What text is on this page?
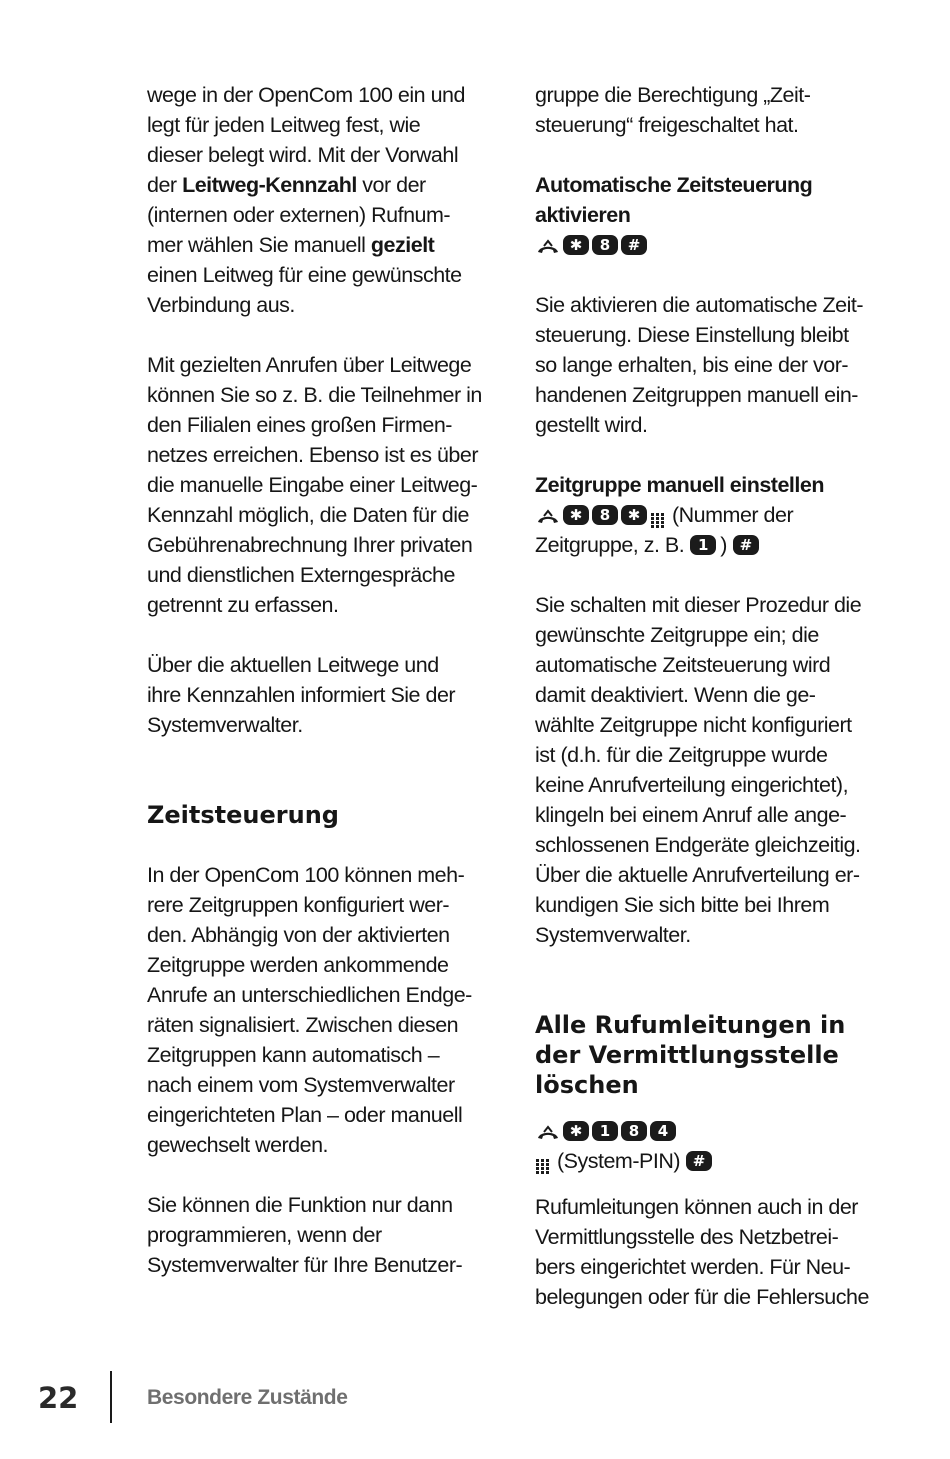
wege in der OpenCom 100 ein und
legt für jeden Leitweg fest, wie
dieser belegt wird. Mit der Vorwahl
der Leitweg-Kennzahl vor der
(internen oder externen) Rufnum-
mer wählen Sie manuell gezielt
einen Leitweg für eine gewünschte
Verbindung aus.
Mit gezielten Anrufen über Leitwege
können Sie so z. B. die Teilnehmer in
den Filialen eines großen Firmen-
netzes erreichen. Ebenso ist es über
die manuelle Eingabe einer Leitweg-
Kennzahl möglich, die Daten für die
Gebührenabrechnung Ihrer privaten
und dienstlichen Externgespräche
getrennt zu erfassen.
Über die aktuellen Leitwege und
ihre Kennzahlen informiert Sie der
Systemverwalter.
Zeitsteuerung
In der OpenCom 100 können meh-
rere Zeitgruppen konfiguriert wer-
den. Abhängig von der aktivierten
Zeitgruppe werden ankommende
Anrufe an unterschiedlichen Endge-
räten signalisiert. Zwischen diesen
Zeitgruppen kann automatisch –
nach einem vom Systemverwalter
eingerichteten Plan – oder manuell
gewechselt werden.
Sie können die Funktion nur dann
programmieren, wenn der
Systemverwalter für Ihre Benutzer-
gruppe die Berechtigung „Zeit-
steuerung“ freigeschaltet hat.
Automatische Zeitsteuerung
aktivieren
✱	8	#
Sie aktivieren die automatische Zeit-
steuerung. Diese Einstellung bleibt
so lange erhalten, bis eine der vor-
handenen Zeitgruppen manuell ein-
gestellt wird.
Zeitgruppe manuell einstellen
✱	8	✱	(Nummer der
Zeitgruppe, z. B. 1 ) #
Sie schalten mit dieser Prozedur die
gewünschte Zeitgruppe ein; die
automatische Zeitsteuerung wird
damit deaktiviert. Wenn die ge-
wählte Zeitgruppe nicht konfiguriert
ist (d.h. für die Zeitgruppe wurde
keine Anrufverteilung eingerichtet),
klingeln bei einem Anruf alle ange-
schlossenen Endgeräte gleichzeitig.
Über die aktuelle Anrufverteilung er-
kundigen Sie sich bitte bei Ihrem
Systemverwalter.
Alle Rufumleitungen in
der Vermittlungsstelle
löschen
✱	1	8	4
(System-PIN) #
Rufumleitungen können auch in der
Vermittlungsstelle des Netzbetrei-
bers eingerichtet werden. Für Neu-
belegungen oder für die Fehlersuche
22	Besondere Zustände
